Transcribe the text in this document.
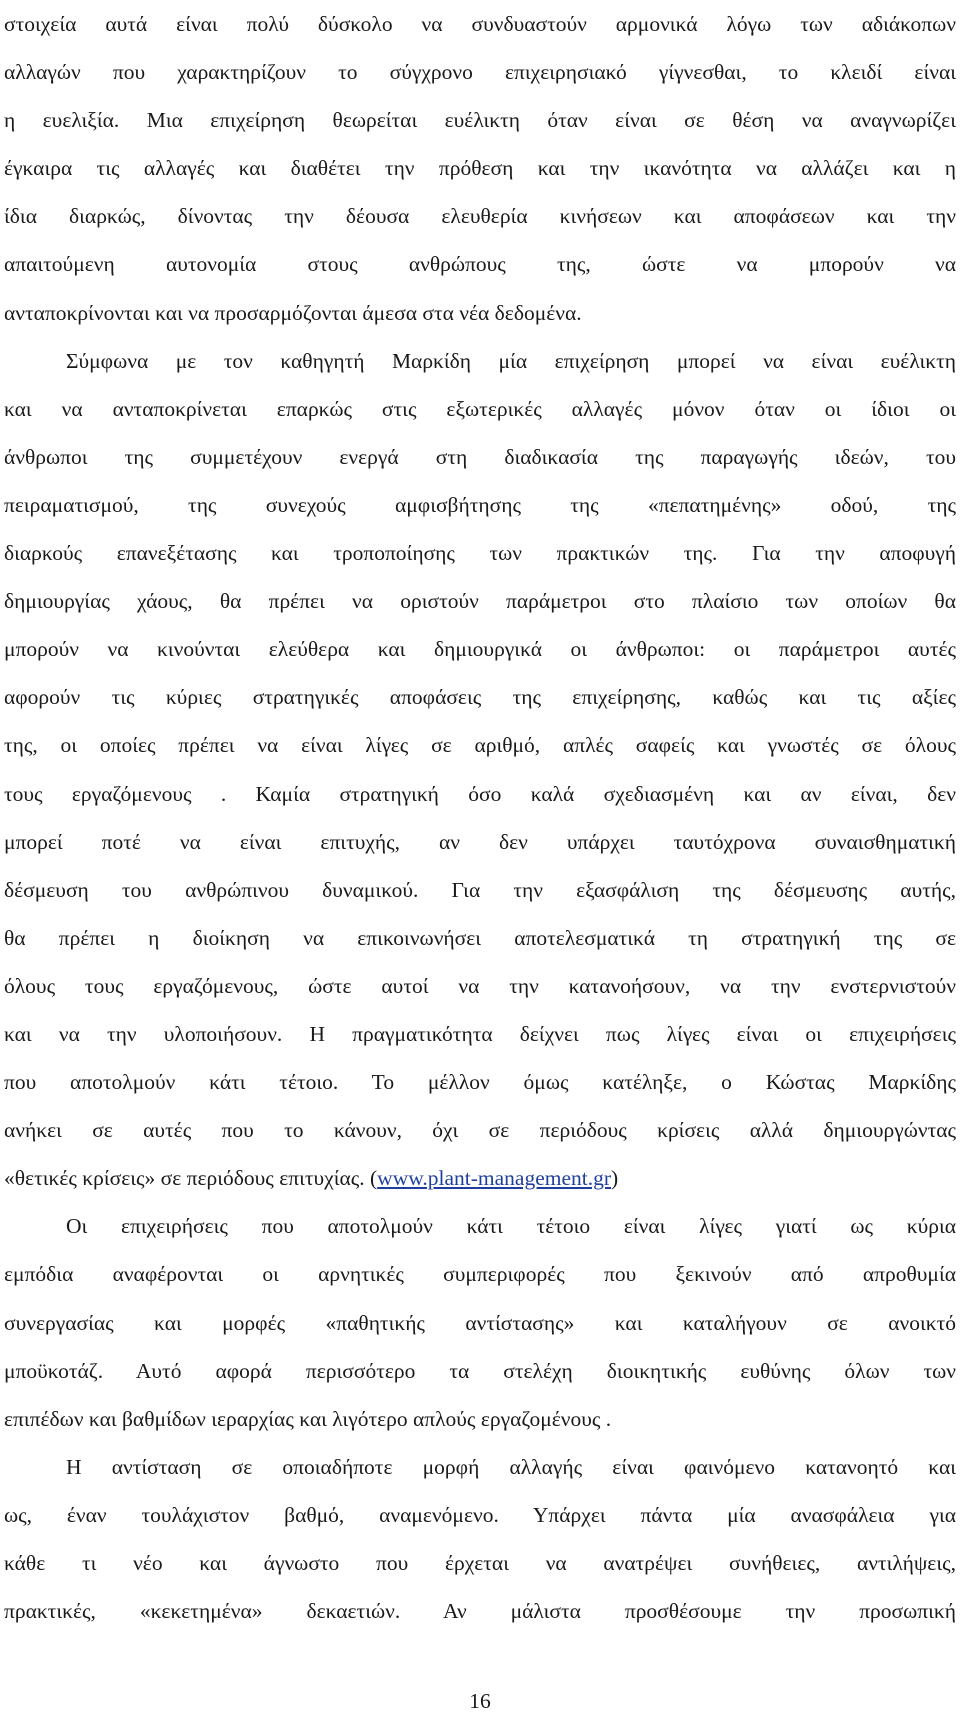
στοιχεία αυτά είναι πολύ δύσκολο να συνδυαστούν αρμονικά λόγω των αδιάκοπων
αλλαγών που χαρακτηρίζουν το σύγχρονο επιχειρησιακό γίγνεσθαι, το κλειδί είναι
η ευελιξία. Μια επιχείρηση θεωρείται ευέλικτη όταν είναι σε θέση να αναγνωρίζει
έγκαιρα τις αλλαγές και διαθέτει την πρόθεση και την ικανότητα να αλλάζει και η
ίδια διαρκώς, δίνοντας την δέουσα ελευθερία κινήσεων και αποφάσεων και την
απαιτούμενη αυτονομία στους ανθρώπους της, ώστε να μπορούν να
ανταποκρίνονται και να προσαρμόζονται άμεσα στα νέα δεδομένα.
Σύμφωνα με τον καθηγητή Μαρκίδη μία επιχείρηση μπορεί να είναι ευέλικτη
και να ανταποκρίνεται επαρκώς στις εξωτερικές αλλαγές μόνον όταν οι ίδιοι οι
άνθρωποι της συμμετέχουν ενεργά στη διαδικασία της παραγωγής ιδεών, του
πειραματισμού, της συνεχούς αμφισβήτησης της «πεπατημένης» οδού, της
διαρκούς επανεξέτασης και τροποποίησης των πρακτικών της. Για την αποφυγή
δημιουργίας χάους, θα πρέπει να οριστούν παράμετροι στο πλαίσιο των οποίων θα
μπορούν να κινούνται ελεύθερα και δημιουργικά οι άνθρωποι: οι παράμετροι αυτές
αφορούν τις κύριες στρατηγικές αποφάσεις της επιχείρησης, καθώς και τις αξίες
της, οι οποίες πρέπει να είναι λίγες σε αριθμό, απλές σαφείς και γνωστές σε όλους
τους εργαζόμενους . Καμία στρατηγική όσο καλά σχεδιασμένη και αν είναι, δεν
μπορεί ποτέ να είναι επιτυχής, αν δεν υπάρχει ταυτόχρονα συναισθηματική
δέσμευση του ανθρώπινου δυναμικού. Για την εξασφάλιση της δέσμευσης αυτής,
θα πρέπει η διοίκηση να επικοινωνήσει αποτελεσματικά τη στρατηγική της σε
όλους τους εργαζόμενους, ώστε αυτοί να την κατανοήσουν, να την ενστερνιστούν
και να την υλοποιήσουν. Η πραγματικότητα δείχνει πως λίγες είναι οι επιχειρήσεις
που αποτολμούν κάτι τέτοιο. Το μέλλον όμως κατέληξε, ο Κώστας Μαρκίδης
ανήκει σε αυτές που το κάνουν, όχι σε περιόδους κρίσεις αλλά δημιουργώντας
«θετικές κρίσεις» σε περιόδους επιτυχίας. (www.plant-management.gr)
Οι επιχειρήσεις που αποτολμούν κάτι τέτοιο είναι λίγες γιατί ως κύρια
εμπόδια αναφέρονται οι αρνητικές συμπεριφορές που ξεκινούν από απροθυμία
συνεργασίας και μορφές «παθητικής αντίστασης» και καταλήγουν σε ανοικτό
μποϋκοτάζ. Αυτό αφορά περισσότερο τα στελέχη διοικητικής ευθύνης όλων των
επιπέδων και βαθμίδων ιεραρχίας και λιγότερο απλούς εργαζομένους .
Η αντίσταση σε οποιαδήποτε μορφή αλλαγής είναι φαινόμενο κατανοητό και
ως, έναν τουλάχιστον βαθμό, αναμενόμενο. Υπάρχει πάντα μία ανασφάλεια για
κάθε τι νέο και άγνωστο που έρχεται να ανατρέψει συνήθειες, αντιλήψεις,
πρακτικές, «κεκετημένα» δεκαετιών. Αν μάλιστα προσθέσουμε την προσωπική
16
